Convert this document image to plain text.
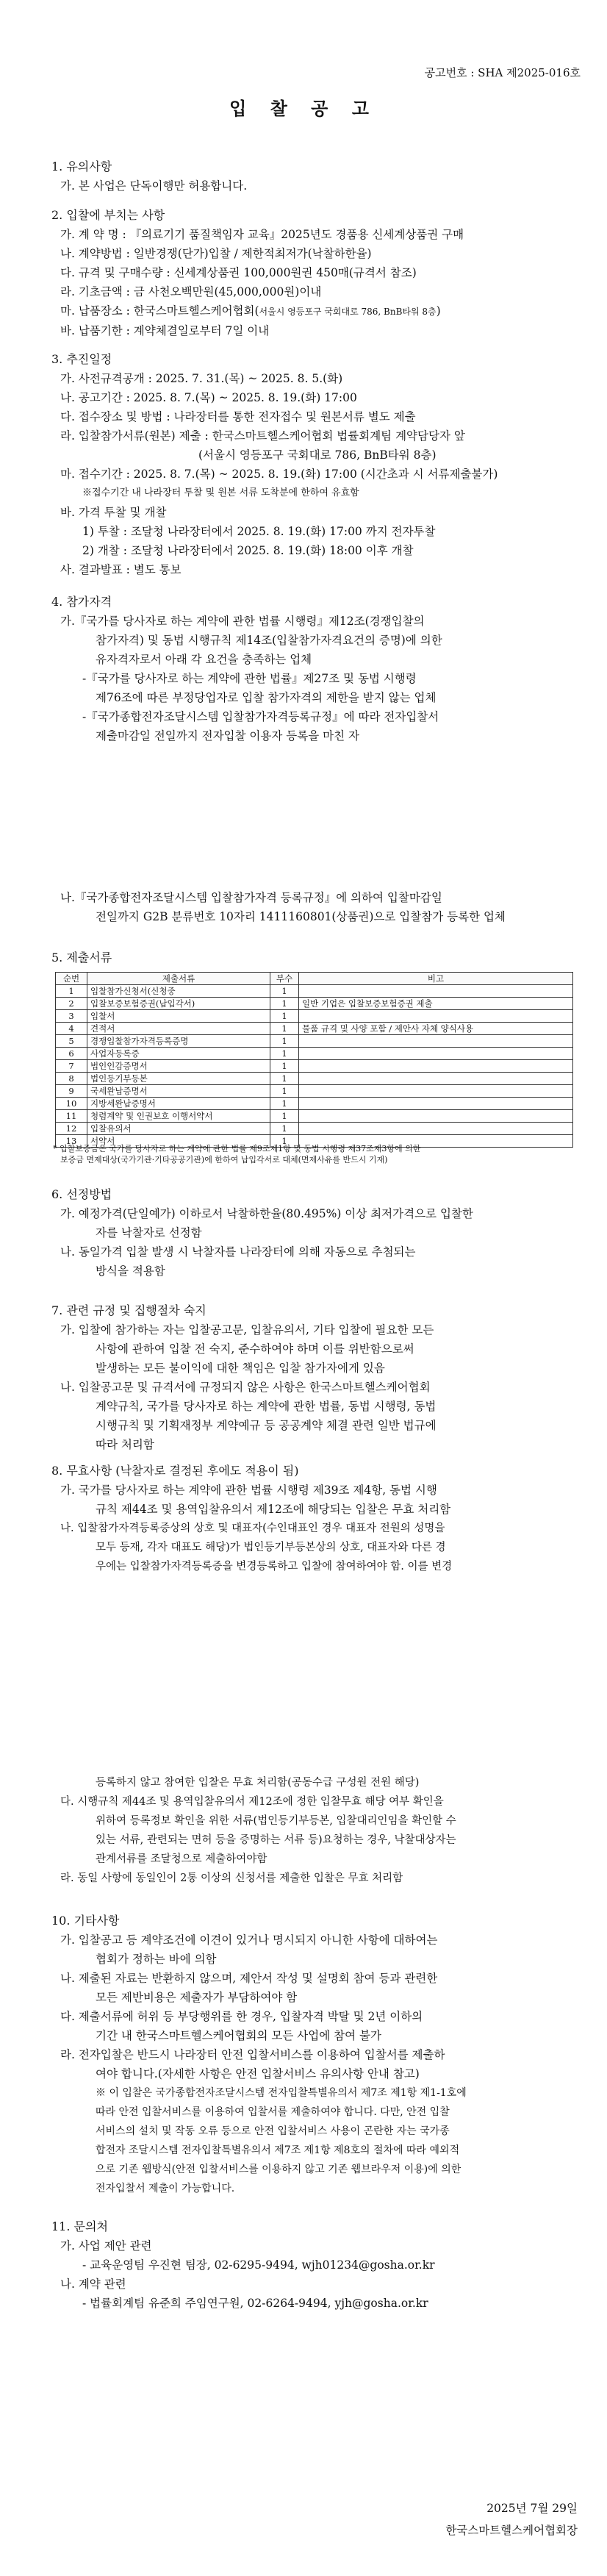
공고번호 : SHA 제2025-016호
입 찰 공 고

1. 유의사항

가. 본 사업은 단독이행만 허용합니다.

2. 입찰에 부치는 사항

가. 계 약 명 : 『의료기기 품질책임자 교육』2025년도 경품용 신세계상품권 구매

나. 계약방법 : 일반경쟁(단가)입찰 / 제한적최저가(낙찰하한율)

다. 규격 및 구매수량 : 신세계상품권 100,000원권 450매(규격서 참조)

라. 기초금액 : 금 사천오백만원(45,000,000원)이내

마. 납품장소 : 한국스마트헬스케어협회(서울시 영등포구 국회대로 786, BnB타워 8층)

바. 납품기한 : 계약체결일로부터 7일 이내

3. 추진일정

가. 사전규격공개 : 2025. 7. 31.(목) ~ 2025. 8. 5.(화)

나. 공고기간 : 2025. 8. 7.(목) ~ 2025. 8. 19.(화) 17:00

다. 접수장소 및 방법 : 나라장터를 통한 전자접수 및 원본서류 별도 제출

라. 입찰참가서류(원본) 제출 : 한국스마트헬스케어협회 법률회계팀 계약담당자 앞

(서울시 영등포구 국회대로 786, BnB타워 8층)

마. 접수기간 : 2025. 8. 7.(목) ~ 2025. 8. 19.(화) 17:00 (시간초과 시 서류제출불가)

※접수기간 내 나라장터 투찰 및 원본 서류 도착분에 한하여 유효함

바. 가격 투찰 및 개찰

1) 투찰 : 조달청 나라장터에서 2025. 8. 19.(화) 17:00 까지 전자투찰

2) 개찰 : 조달청 나라장터에서 2025. 8. 19.(화) 18:00 이후 개찰

사. 결과발표 : 별도 통보

4. 참가자격

가.『국가를 당사자로 하는 계약에 관한 법률 시행령』제12조(경쟁입찰의

참가자격) 및 동법 시행규칙 제14조(입찰참가자격요건의 증명)에 의한

유자격자로서 아래 각 요건을 충족하는 업체

-『국가를 당사자로 하는 계약에 관한 법률』제27조 및 동법 시행령

제76조에 따른 부정당업자로 입찰 참가자격의 제한을 받지 않는 업체

-『국가종합전자조달시스템 입찰참가자격등록규정』에 따라 전자입찰서

제출마감일 전일까지 전자입찰 이용자 등록을 마친 자

나.『국가종합전자조달시스템 입찰참가자격 등록규정』에 의하여 입찰마감일

전일까지 G2B 분류번호 10자리 1411160801(상품권)으로 입찰참가 등록한 업체

5. 제출서류

순번	제출서류	부수	비고
1	입찰참가신청서(신청중	1	
2	입찰보증보험증권(납입각서)	1	일반 기업은 입찰보증보험증권 제출
3	입찰서	1	
4	견적서	1	물품 규격 및 사양 포함 / 제안사 자체 양식사용
5	경쟁입찰참가자격등록증명	1	
6	사업자등록증	1	
7	법인인감증명서	1	
8	법인등기부등본	1	
9	국세완납증명서	1	
10	지방세완납증명서	1	
11	청렴계약 및 인권보호 이행서약서	1	
12	입찰유의서	1	
13	서약서	1	
* 입찰보증금은 국가를 당사자로 하는 계약에 관한 법률 제9조제1항 및 동법 시행령 제37조제3항에 의한
보증금 면제대상(국가기관·기타공공기관)에 한하여 납입각서로 대체(면제사유를 반드시 기재)

6. 선정방법

가. 예정가격(단일예가) 이하로서 낙찰하한율(80.495%) 이상 최저가격으로 입찰한

자를 낙찰자로 선정함

나. 동일가격 입찰 발생 시 낙찰자를 나라장터에 의해 자동으로 추첨되는

방식을 적용함

7. 관련 규정 및 집행절차 숙지

가. 입찰에 참가하는 자는 입찰공고문, 입찰유의서, 기타 입찰에 필요한 모든

사항에 관하여 입찰 전 숙지, 준수하여야 하며 이를 위반함으로써

발생하는 모든 불이익에 대한 책임은 입찰 참가자에게 있음

나. 입찰공고문 및 규격서에 규정되지 않은 사항은 한국스마트헬스케어협회

계약규칙, 국가를 당사자로 하는 계약에 관한 법률, 동법 시행령, 동법

시행규칙 및 기획재정부 계약예규 등 공공계약 체결 관련 일반 법규에

따라 처리함

8. 무효사항 (낙찰자로 결정된 후에도 적용이 됨)

가. 국가를 당사자로 하는 계약에 관한 법률 시행령 제39조 제4항, 동법 시행

규칙 제44조 및 용역입찰유의서 제12조에 해당되는 입찰은 무효 처리함

나. 입찰참가자격등록증상의 상호 및 대표자(수인대표인 경우 대표자 전원의 성명을

모두 등재, 각자 대표도 해당)가 법인등기부등본상의 상호, 대표자와 다른 경

우에는 입찰참가자격등록증을 변경등록하고 입찰에 참여하여야 함. 이를 변경

등록하지 않고 참여한 입찰은 무효 처리함(공동수급 구성원 전원 해당)

다. 시행규칙 제44조 및 용역입찰유의서 제12조에 정한 입찰무효 해당 여부 확인을

위하여 등록정보 확인을 위한 서류(법인등기부등본, 입찰대리인임을 확인할 수

있는 서류, 관련되는 면허 등을 증명하는 서류 등)요청하는 경우, 낙찰대상자는

관계서류를 조달청으로 제출하여야함

라. 동일 사항에 동일인이 2통 이상의 신청서를 제출한 입찰은 무효 처리함

10. 기타사항

가. 입찰공고 등 계약조건에 이견이 있거나 명시되지 아니한 사항에 대하여는

협회가 정하는 바에 의함

나. 제출된 자료는 반환하지 않으며, 제안서 작성 및 설명회 참여 등과 관련한

모든 제반비용은 제출자가 부담하여야 함

다. 제출서류에 허위 등 부당행위를 한 경우, 입찰자격 박탈 및 2년 이하의

기간 내 한국스마트헬스케어협회의 모든 사업에 참여 불가

라. 전자입찰은 반드시 나라장터 안전 입찰서비스를 이용하여 입찰서를 제출하

여야 합니다.(자세한 사항은 안전 입찰서비스 유의사항 안내 참고)

※ 이 입찰은 국가종합전자조달시스템 전자입찰특별유의서 제7조 제1항 제1-1호에

따라 안전 입찰서비스를 이용하여 입찰서를 제출하여야 합니다. 다만, 안전 입찰

서비스의 설치 및 작동 오류 등으로 안전 입찰서비스 사용이 곤란한 자는 국가종

합전자 조달시스템 전자입찰특별유의서 제7조 제1항 제8호의 절차에 따라 예외적

으로 기존 웹방식(안전 입찰서비스를 이용하지 않고 기존 웹브라우저 이용)에 의한

전자입찰서 제출이 가능합니다.

11. 문의처

가. 사업 제안 관련

- 교육운영팀 우진현 팀장, 02-6295-9494, wjh01234@gosha.or.kr

나. 계약 관련

- 법률회계팀 유준희 주임연구원, 02-6264-9494, yjh@gosha.or.kr

2025년 7월 29일
한국스마트헬스케어협회장
